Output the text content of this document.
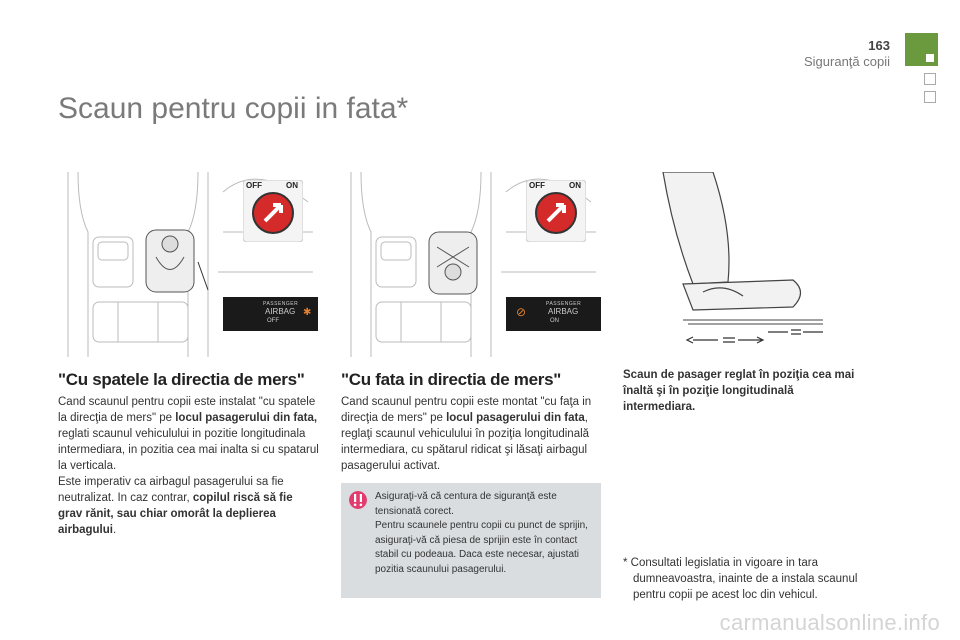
163
Siguranţă copii
Scaun pentru copii in fata*
OFF	ON
PASSENGER
AIRBAG
OFF
✱
OFF	ON
PASSENGER
AIRBAG
ON
⊘
"Cu spatele la directia de mers"
Cand scaunul pentru copii este instalat "cu spatele la direcţia de mers" pe locul pasagerului din fata, reglati scaunul vehiculului in pozitie longitudinala intermediara, in pozitia cea mai inalta si cu spatarul la verticala.
Este imperativ ca airbagul pasagerului sa fie neutralizat. In caz contrar, copilul riscă să fie grav rănit, sau chiar omorât la deplierea airbagului.
"Cu fata in directia de mers"
Cand scaunul pentru copii este montat "cu faţa in direcţia de mers" pe locul pasagerului din fata, reglaţi scaunul vehiculului în poziţia longitudinală intermediara, cu spătarul ridicat şi lăsaţi airbagul pasagerului activat.
Asiguraţi-vă că centura de siguranţă este tensionată corect.
Pentru scaunele pentru copii cu punct de sprijin, asiguraţi-vă că piesa de sprijin este în contact stabil cu podeaua. Daca este necesar, ajustati pozitia scaunului pasagerului.
Scaun de pasager reglat în poziţia cea mai înaltă şi în poziţie longitudinală intermediara.
* Consultati legislatia in vigoare in tara dumneavoastra, inainte de a instala scaunul pentru copii pe acest loc din vehicul.
carmanualsonline.info
